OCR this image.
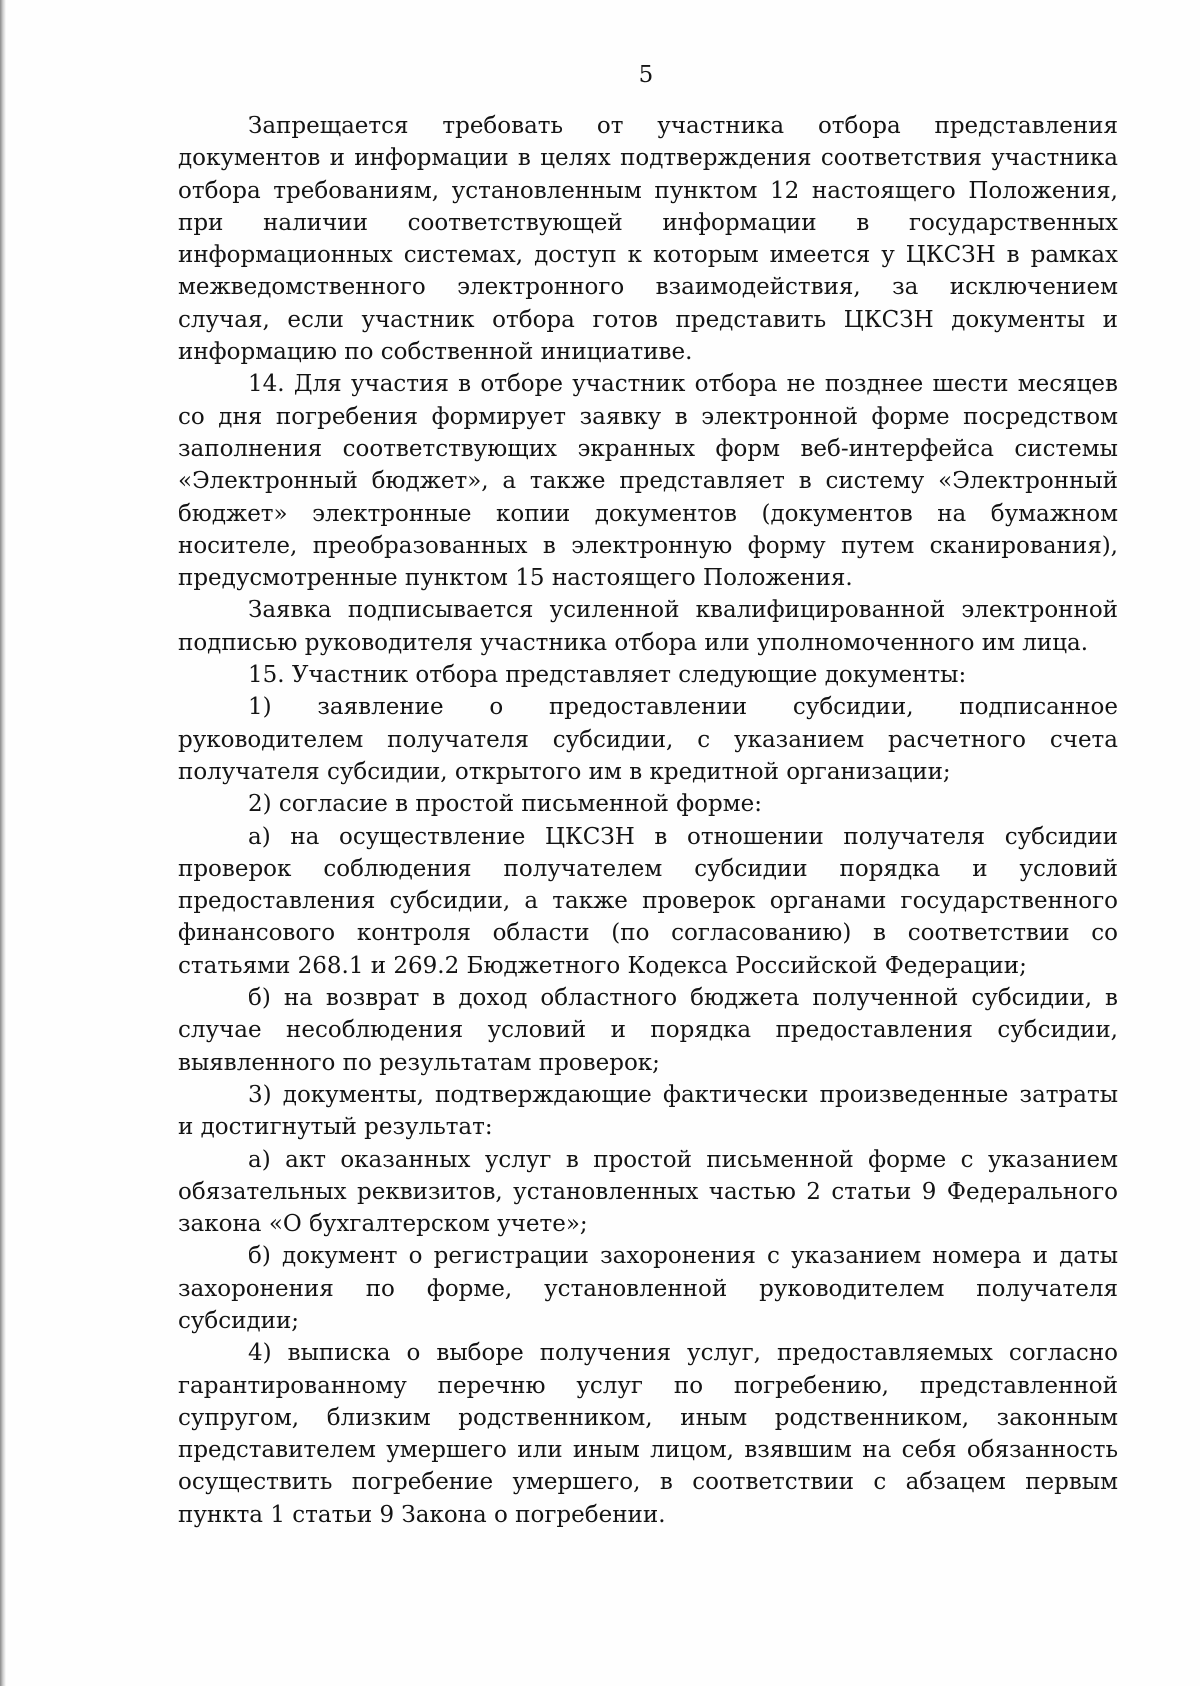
5

Запрещается требовать от участника отбора представления документов и информации в целях подтверждения соответствия участника отбора требованиям, установленным пунктом 12 настоящего Положения, при наличии соответствующей информации в государственных информационных системах, доступ к которым имеется у ЦКСЗН в рамках межведомственного электронного взаимодействия, за исключением случая, если участник отбора готов представить ЦКСЗН документы и информацию по собственной инициативе.

14. Для участия в отборе участник отбора не позднее шести месяцев со дня погребения формирует заявку в электронной форме посредством заполнения соответствующих экранных форм веб-интерфейса системы «Электронный бюджет», а также представляет в систему «Электронный бюджет» электронные копии документов (документов на бумажном носителе, преобразованных в электронную форму путем сканирования), предусмотренные пунктом 15 настоящего Положения.

Заявка подписывается усиленной квалифицированной электронной подписью руководителя участника отбора или уполномоченного им лица.

15. Участник отбора представляет следующие документы:

1) заявление о предоставлении субсидии, подписанное руководителем получателя субсидии, с указанием расчетного счета получателя субсидии, открытого им в кредитной организации;

2) согласие в простой письменной форме:

а) на осуществление ЦКСЗН в отношении получателя субсидии проверок соблюдения получателем субсидии порядка и условий предоставления субсидии, а также проверок органами государственного финансового контроля области (по согласованию) в соответствии со статьями 268.1 и 269.2 Бюджетного Кодекса Российской Федерации;

б) на возврат в доход областного бюджета полученной субсидии, в случае несоблюдения условий и порядка предоставления субсидии, выявленного по результатам проверок;

3) документы, подтверждающие фактически произведенные затраты и достигнутый результат:

а) акт оказанных услуг в простой письменной форме с указанием обязательных реквизитов, установленных частью 2 статьи 9 Федерального закона «О бухгалтерском учете»;

б) документ о регистрации захоронения с указанием номера и даты захоронения по форме, установленной руководителем получателя субсидии;

4) выписка о выборе получения услуг, предоставляемых согласно гарантированному перечню услуг по погребению, представленной супругом, близким родственником, иным родственником, законным представителем умершего или иным лицом, взявшим на себя обязанность осуществить погребение умершего, в соответствии с абзацем первым пункта 1 статьи 9 Закона о погребении.
